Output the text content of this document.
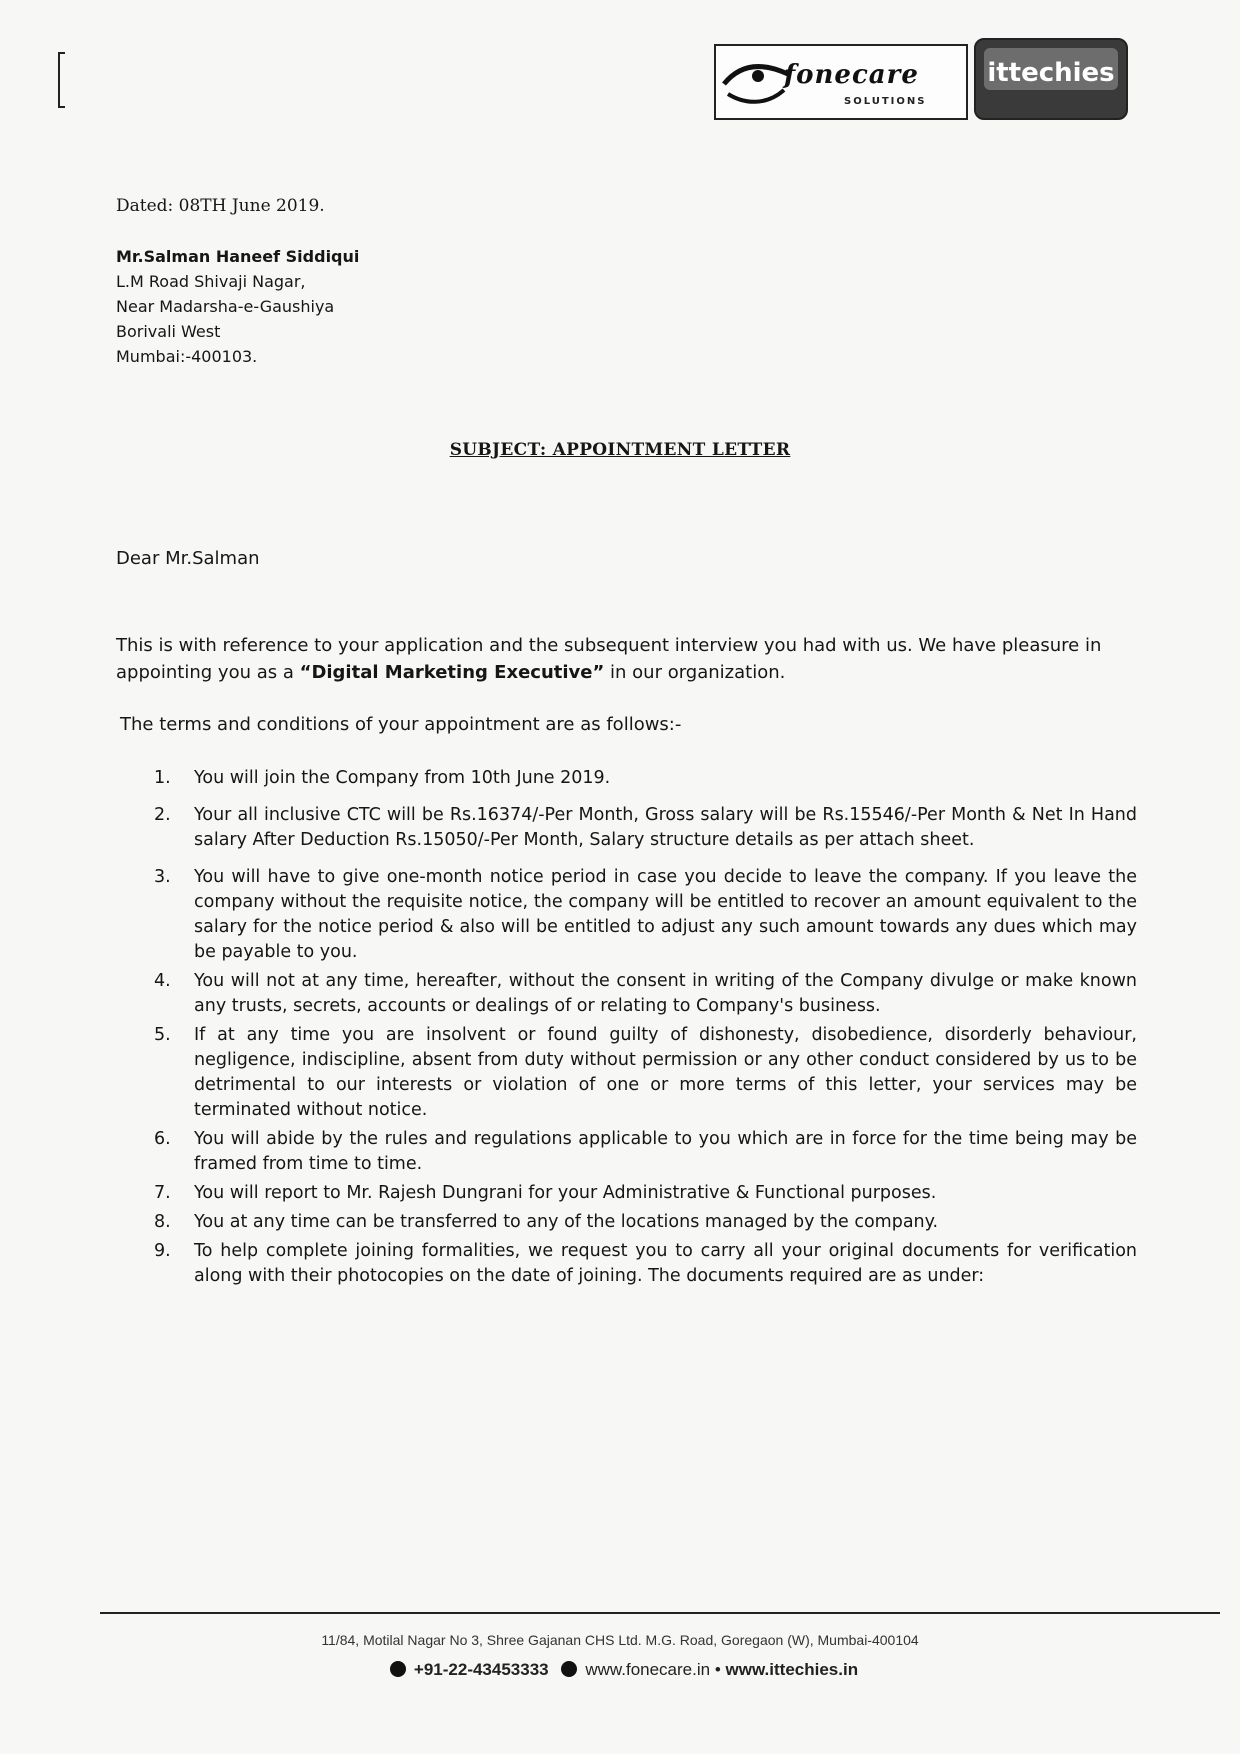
fonecare
SOLUTIONS
ittechies
Dated: 08TH June 2019.
Mr.Salman Haneef Siddiqui
L.M Road Shivaji Nagar,
Near Madarsha-e-Gaushiya
Borivali West
Mumbai:-400103.
SUBJECT: APPOINTMENT LETTER
Dear Mr.Salman
This is with reference to your application and the subsequent interview you had with us. We have pleasure in appointing you as a “Digital Marketing Executive” in our organization.
The terms and conditions of your appointment are as follows:-
1.	You will join the Company from 10th June 2019.
2.	Your all inclusive CTC will be Rs.16374/-Per Month, Gross salary will be Rs.15546/-Per Month & Net In Hand salary After Deduction Rs.15050/-Per Month, Salary structure details as per attach sheet.
3.	You will have to give one-month notice period in case you decide to leave the company. If you leave the company without the requisite notice, the company will be entitled to recover an amount equivalent to the salary for the notice period & also will be entitled to adjust any such amount towards any dues which may be payable to you.
4.	You will not at any time, hereafter, without the consent in writing of the Company divulge or make known any trusts, secrets, accounts or dealings of or relating to Company's business.
5.	If at any time you are insolvent or found guilty of dishonesty, disobedience, disorderly behaviour, negligence, indiscipline, absent from duty without permission or any other conduct considered by us to be detrimental to our interests or violation of one or more terms of this letter, your services may be terminated without notice.
6.	You will abide by the rules and regulations applicable to you which are in force for the time being may be framed from time to time.
7.	You will report to Mr. Rajesh Dungrani for your Administrative & Functional purposes.
8.	You at any time can be transferred to any of the locations managed by the company.
9.	To help complete joining formalities, we request you to carry all your original documents for verification along with their photocopies on the date of joining. The documents required are as under:
11/84, Motilal Nagar No 3, Shree Gajanan CHS Ltd. M.G. Road, Goregaon (W), Mumbai-400104
+91-22-43453333 www.fonecare.in • www.ittechies.in
